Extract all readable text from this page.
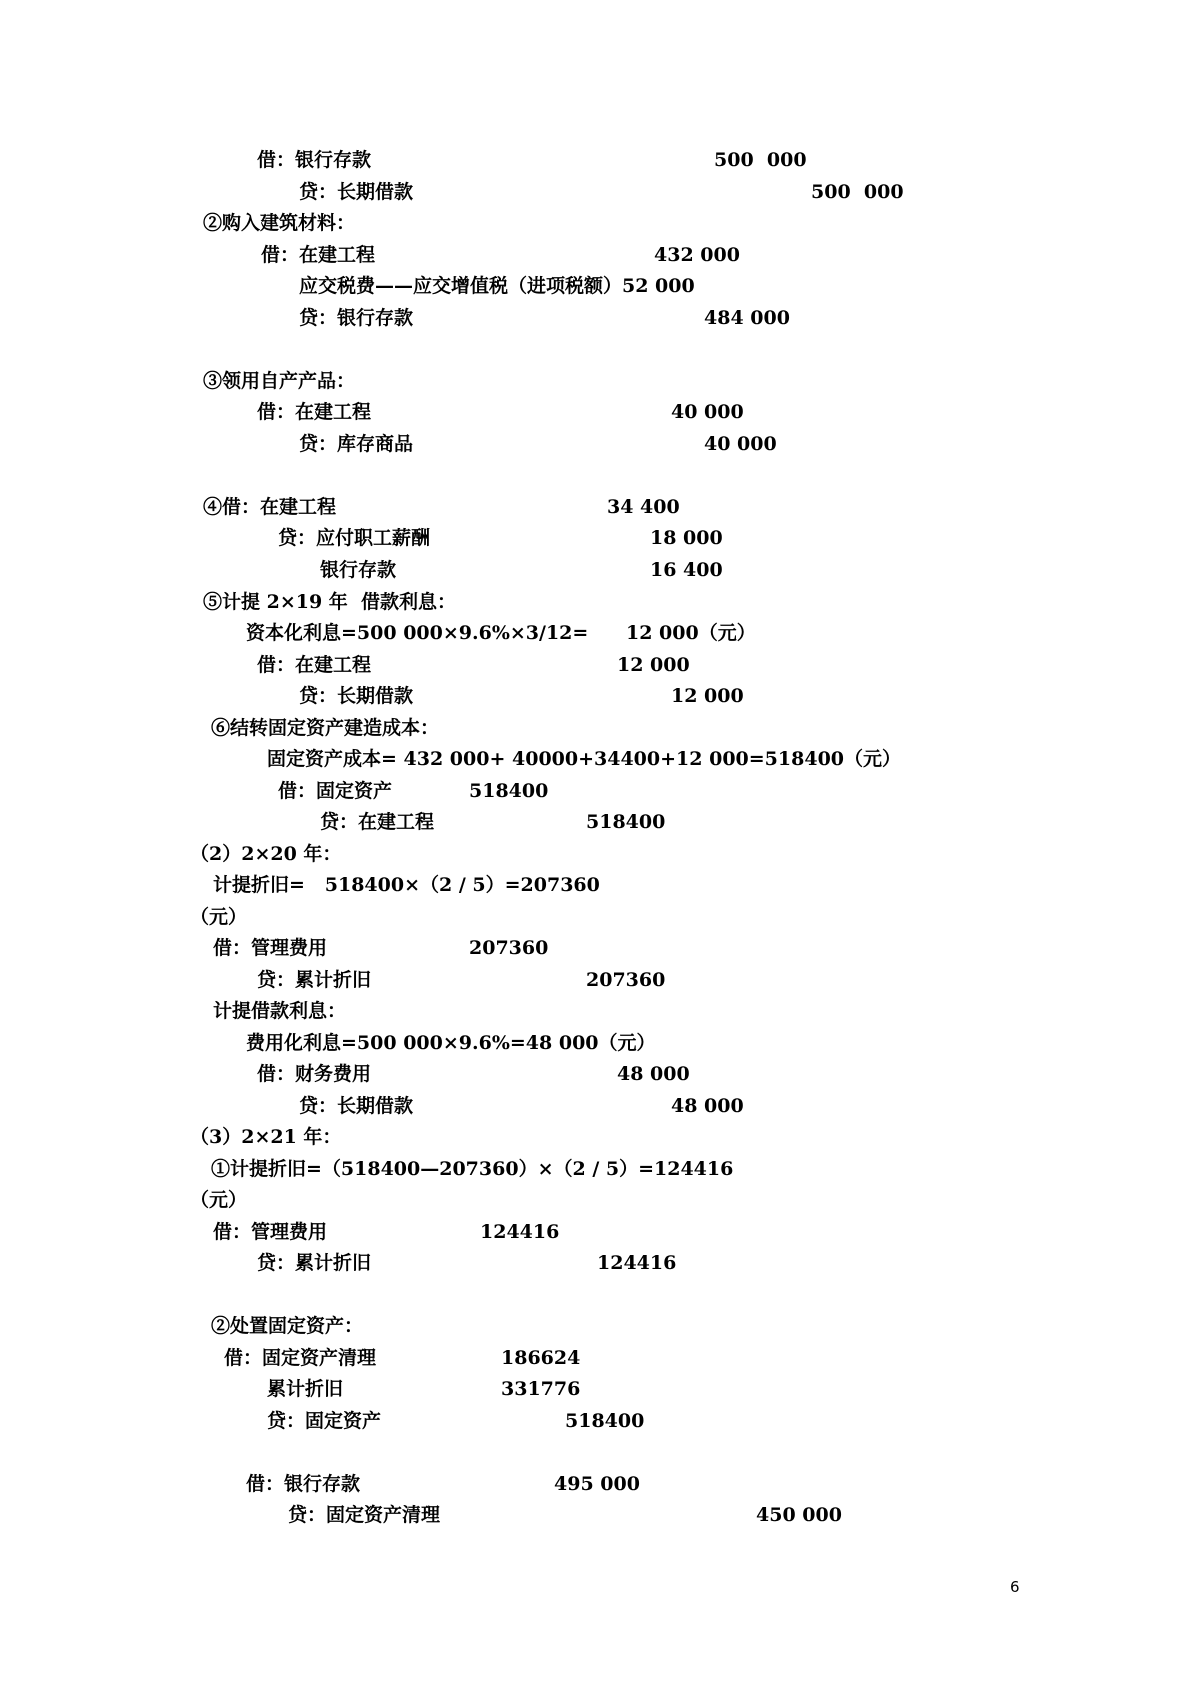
借：银行存款	500  000
贷：长期借款	500  000
②购入建筑材料：
借：在建工程	432 000
应交税费——应交增值税（进项税额）52 000
贷：银行存款	484 000
③领用自产产品：
借：在建工程	40 000
贷：库存商品	40 000
④借：在建工程	34 400
贷：应付职工薪酬	18 000
银行存款	16 400
⑤计提 2×19 年  借款利息：
资本化利息=500 000×9.6%×3/12= 12 000（元）
借：在建工程	12 000
贷：长期借款	12 000
⑥结转固定资产建造成本：
固定资产成本= 432 000+ 40000+34400+12 000=518400（元）
借：固定资产	518400
贷：在建工程	518400
（2）2×20 年：
计提折旧=   518400×（2 / 5）=207360
（元）
借：管理费用	207360
贷：累计折旧	207360
计提借款利息：
费用化利息=500 000×9.6%=48 000（元）
借：财务费用	48 000
贷：长期借款	48 000
（3）2×21 年：
①计提折旧=（518400—207360）×（2 / 5）=124416
（元）
借：管理费用	124416
贷：累计折旧	124416
②处置固定资产：
借：固定资产清理	186624
累计折旧	331776
贷：固定资产	518400
借：银行存款	495 000
贷：固定资产清理	450 000
6
